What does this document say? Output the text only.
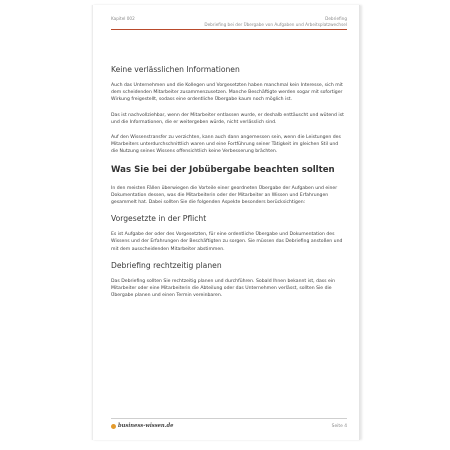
Kapitel 002	Debriefing
Debriefing bei der Übergabe von Aufgaben und Arbeitsplatzwechsel
Keine verlässlichen Informationen

Auch das Unternehmen und die Kollegen und Vorgesetzten haben manchmal kein Interesse, sich mit dem scheidenden Mitarbeiter zusammenzusetzen. Manche Beschäftigte werden sogar mit sofortiger Wirkung freigestellt, sodass eine ordentliche Übergabe kaum noch möglich ist.

Das ist nachvollziehbar, wenn der Mitarbeiter entlassen wurde, er deshalb enttäuscht und wütend ist und die Informationen, die er weitergeben würde, nicht verlässlich sind.

Auf den Wissenstransfer zu verzichten, kann auch dann angemessen sein, wenn die Leistungen des Mitarbeiters unterdurchschnittlich waren und eine Fortführung seiner Tätigkeit im gleichen Stil und die Nutzung seines Wissens offensichtlich keine Verbesserung brächten.

Was Sie bei der Jobübergabe beachten sollten

In den meisten Fällen überwiegen die Vorteile einer geordneten Übergabe der Aufgaben und einer Dokumentation dessen, was die Mitarbeiterin oder der Mitarbeiter an Wissen und Erfahrungen gesammelt hat. Dabei sollten Sie die folgenden Aspekte besonders berücksichtigen:

Vorgesetzte in der Pflicht

Es ist Aufgabe der oder des Vorgesetzten, für eine ordentliche Übergabe und Dokumentation des Wissens und der Erfahrungen der Beschäftigten zu sorgen. Sie müssen das Debriefing anstoßen und mit dem ausscheidenden Mitarbeiter abstimmen.

Debriefing rechtzeitig planen

Das Debriefing sollten Sie rechtzeitig planen und durchführen. Sobald Ihnen bekannt ist, dass ein Mitarbeiter oder eine Mitarbeiterin die Abteilung oder das Unternehmen verlässt, sollten Sie die Übergabe planen und einen Termin vereinbaren.

business-wissen.de	Seite 4
